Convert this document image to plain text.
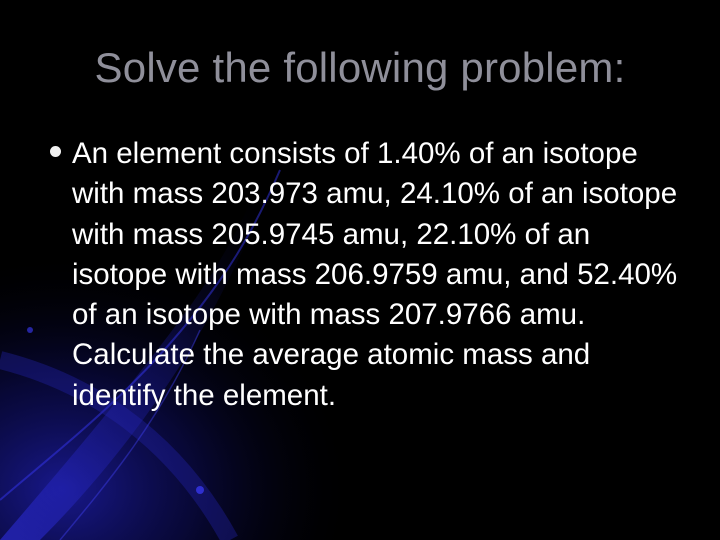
Solve the following problem:

An element consists of 1.40% of an isotope with mass 203.973 amu, 24.10% of an isotope with mass 205.9745 amu, 22.10% of an isotope with mass 206.9759 amu, and 52.40% of an isotope with mass 207.9766 amu. Calculate the average atomic mass and identify the element.
